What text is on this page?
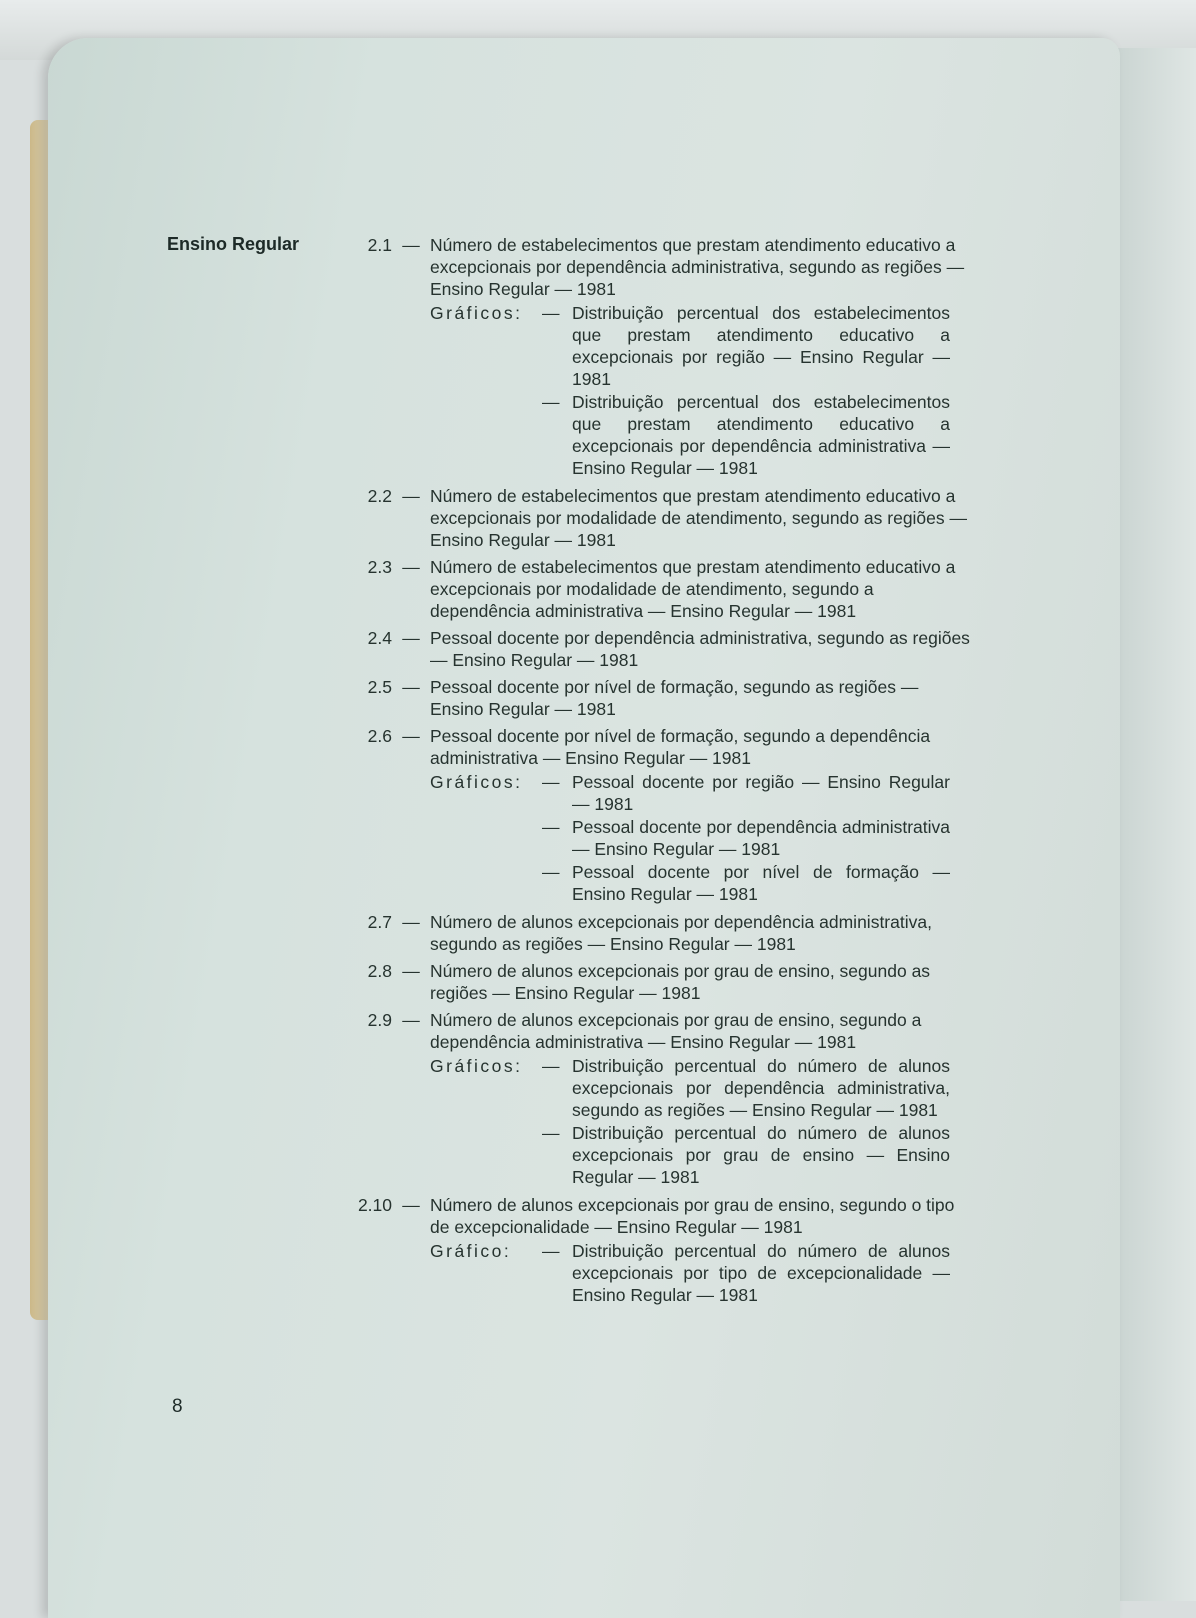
Ensino Regular	2.1 — Número de estabelecimentos que prestam atendimento educativo a excepcionais por dependência administrativa, segundo as regiões — Ensino Regular — 1981
Gráficos:	— Distribuição percentual dos estabelecimentos que prestam atendimento educativo a excepcionais por região — Ensino Regular — 1981
— Distribuição percentual dos estabelecimentos que prestam atendimento educativo a excepcionais por dependência administrativa — Ensino Regular — 1981
2.2 — Número de estabelecimentos que prestam atendimento educativo a excepcionais por modalidade de atendimento, segundo as regiões — Ensino Regular — 1981
2.3 — Número de estabelecimentos que prestam atendimento educativo a excepcionais por modalidade de atendimento, segundo a dependência administrativa — Ensino Regular — 1981
2.4 — Pessoal docente por dependência administrativa, segundo as regiões — Ensino Regular — 1981
2.5 — Pessoal docente por nível de formação, segundo as regiões — Ensino Regular — 1981
2.6 — Pessoal docente por nível de formação, segundo a dependência administrativa — Ensino Regular — 1981
Gráficos:	— Pessoal docente por região — Ensino Regular — 1981
— Pessoal docente por dependência administrativa — Ensino Regular — 1981
— Pessoal docente por nível de formação — Ensino Regular — 1981
2.7 — Número de alunos excepcionais por dependência administrativa, segundo as regiões — Ensino Regular — 1981
2.8 — Número de alunos excepcionais por grau de ensino, segundo as regiões — Ensino Regular — 1981
2.9 — Número de alunos excepcionais por grau de ensino, segundo a dependência administrativa — Ensino Regular — 1981
Gráficos:	— Distribuição percentual do número de alunos excepcionais por dependência administrativa, segundo as regiões — Ensino Regular — 1981
— Distribuição percentual do número de alunos excepcionais por grau de ensino — Ensino Regular — 1981
2.10 — Número de alunos excepcionais por grau de ensino, segundo o tipo de excepcionalidade — Ensino Regular — 1981
Gráfico:	— Distribuição percentual do número de alunos excepcionais por tipo de excepcionalidade — Ensino Regular — 1981
8
